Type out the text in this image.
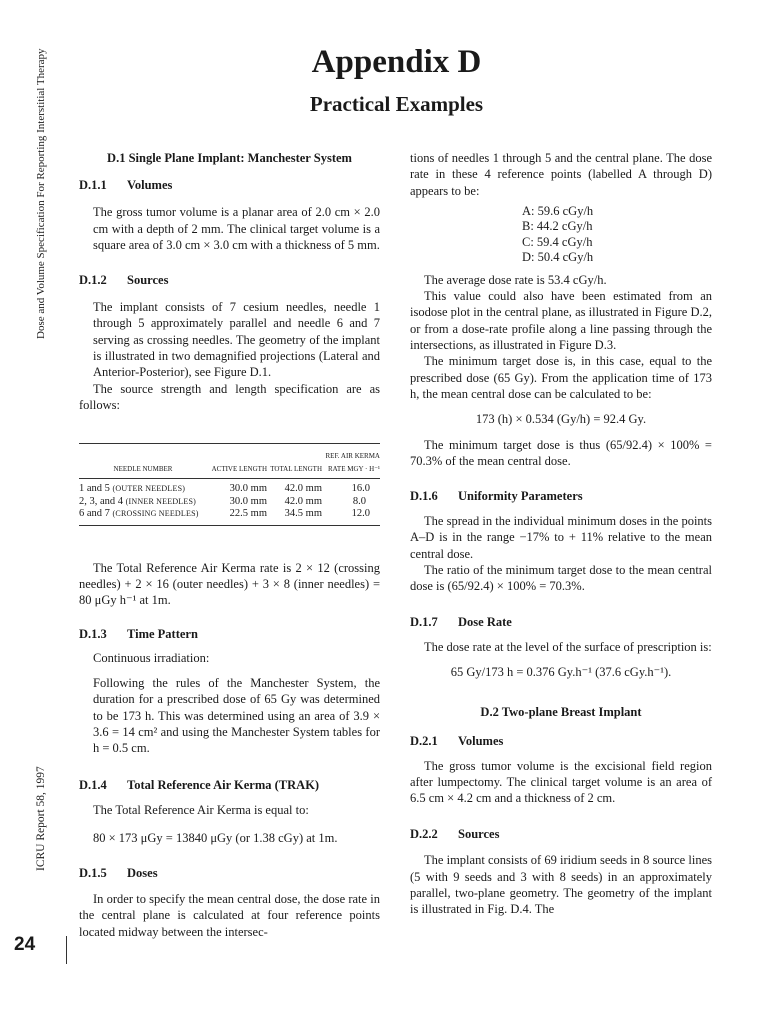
Dose and Volume Specification For Reporting Interstitial Therapy
ICRU Report 58, 1997
24
Appendix D
Practical Examples
D.1 Single Plane Implant: Manchester System
D.1.1 Volumes

The gross tumor volume is a planar area of 2.0 cm × 2.0 cm with a depth of 2 mm. The clinical target volume is a square area of 3.0 cm × 3.0 cm with a thickness of 5 mm.

D.1.2 Sources

The implant consists of 7 cesium needles, needle 1 through 5 approximately parallel and needle 6 and 7 serving as crossing needles. The geometry of the implant is illustrated in two demagnified projections (Lateral and Anterior-Posterior), see Figure D.1.

The source strength and length specification are as follows:

NEEDLE NUMBER	ACTIVE LENGTH	TOTAL LENGTH	REF. AIR KERMA RATE ΜGY · H⁻¹
1 and 5 (OUTER NEEDLES)	30.0 mm	42.0 mm	16.0
2, 3, and 4 (INNER NEEDLES)	30.0 mm	42.0 mm	8.0
6 and 7 (CROSSING NEEDLES)	22.5 mm	34.5 mm	12.0

The Total Reference Air Kerma rate is 2 × 12 (crossing needles) + 2 × 16 (outer needles) + 3 × 8 (inner needles) = 80 μGy h⁻¹ at 1m.

D.1.3 Time Pattern

Continuous irradiation:

Following the rules of the Manchester System, the duration for a prescribed dose of 65 Gy was determined to be 173 h. This was determined using an area of 3.9 × 3.6 = 14 cm² and using the Manchester System tables for h = 0.5 cm.

D.1.4 Total Reference Air Kerma (TRAK)

The Total Reference Air Kerma is equal to:

80 × 173 μGy = 13840 μGy (or 1.38 cGy) at 1m.

D.1.5 Doses

In order to specify the mean central dose, the dose rate in the central plane is calculated at four reference points located midway between the intersec-

tions of needles 1 through 5 and the central plane. The dose rate in these 4 reference points (labelled A through D) appears to be:

A: 59.6 cGy/h
B: 44.2 cGy/h
C: 59.4 cGy/h
D: 50.4 cGy/h

The average dose rate is 53.4 cGy/h.

This value could also have been estimated from an isodose plot in the central plane, as illustrated in Figure D.2, or from a dose-rate profile along a line passing through the intersections, as illustrated in Figure D.3.

The minimum target dose is, in this case, equal to the prescribed dose (65 Gy). From the application time of 173 h, the mean central dose can be calculated to be:

173 (h) × 0.534 (Gy/h) = 92.4 Gy.

The minimum target dose is thus (65/92.4) × 100% = 70.3% of the mean central dose.

D.1.6 Uniformity Parameters

The spread in the individual minimum doses in the points A–D is in the range −17% to + 11% relative to the mean central dose.

The ratio of the minimum target dose to the mean central dose is (65/92.4) × 100% = 70.3%.

D.1.7 Dose Rate

The dose rate at the level of the surface of prescription is:

65 Gy/173 h = 0.376 Gy.h⁻¹ (37.6 cGy.h⁻¹).

D.2 Two-plane Breast Implant
D.2.1 Volumes

The gross tumor volume is the excisional field region after lumpectomy. The clinical target volume is an area of 6.5 cm × 4.2 cm and a thickness of 2 cm.

D.2.2 Sources

The implant consists of 69 iridium seeds in 8 source lines (5 with 9 seeds and 3 with 8 seeds) in an approximately parallel, two-plane geometry. The geometry of the implant is illustrated in Fig. D.4. The
